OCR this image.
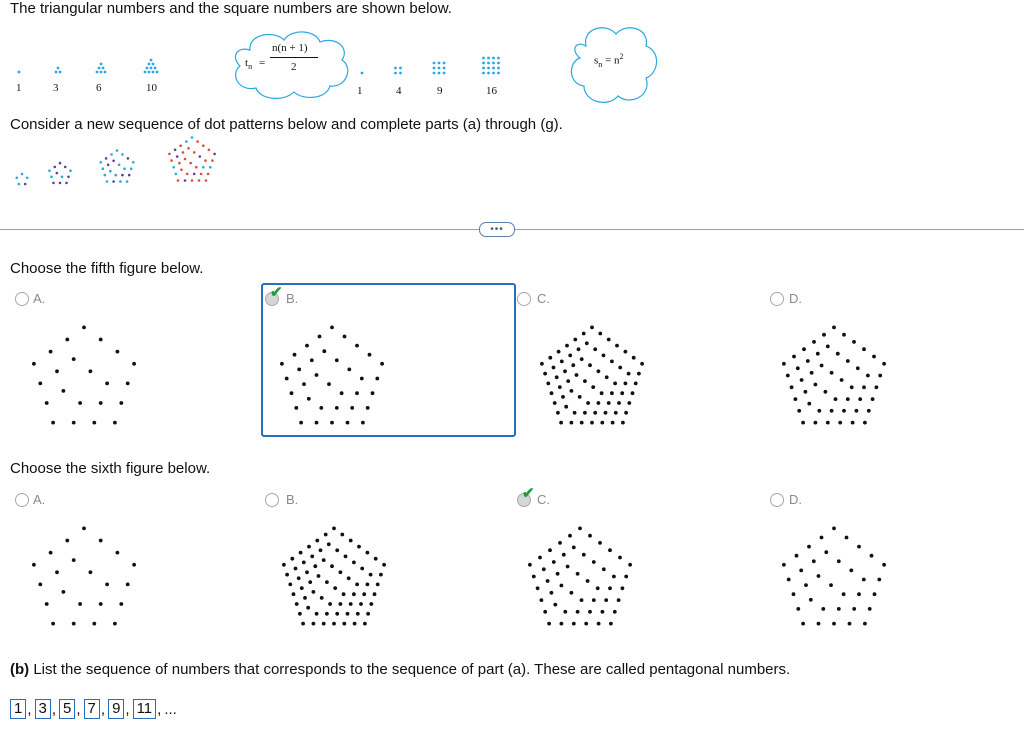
The triangular numbers and the square numbers are shown below.
1	3	6	10
$t_n$ =
n(n + 1)
2
1	4	9	16
$s_n = n^2$
Consider a new sequence of dot patterns below and complete parts (a) through (g).
•••
Choose the fifth figure below.
A.	✔ B.	C.	D.
Choose the sixth figure below.
A.	B.	✔ C.	D.
(b) List the sequence of numbers that corresponds to the sequence of part (a). These are called pentagonal numbers.
1 , 3 , 5 , 7 , 9 , 11 , ...
